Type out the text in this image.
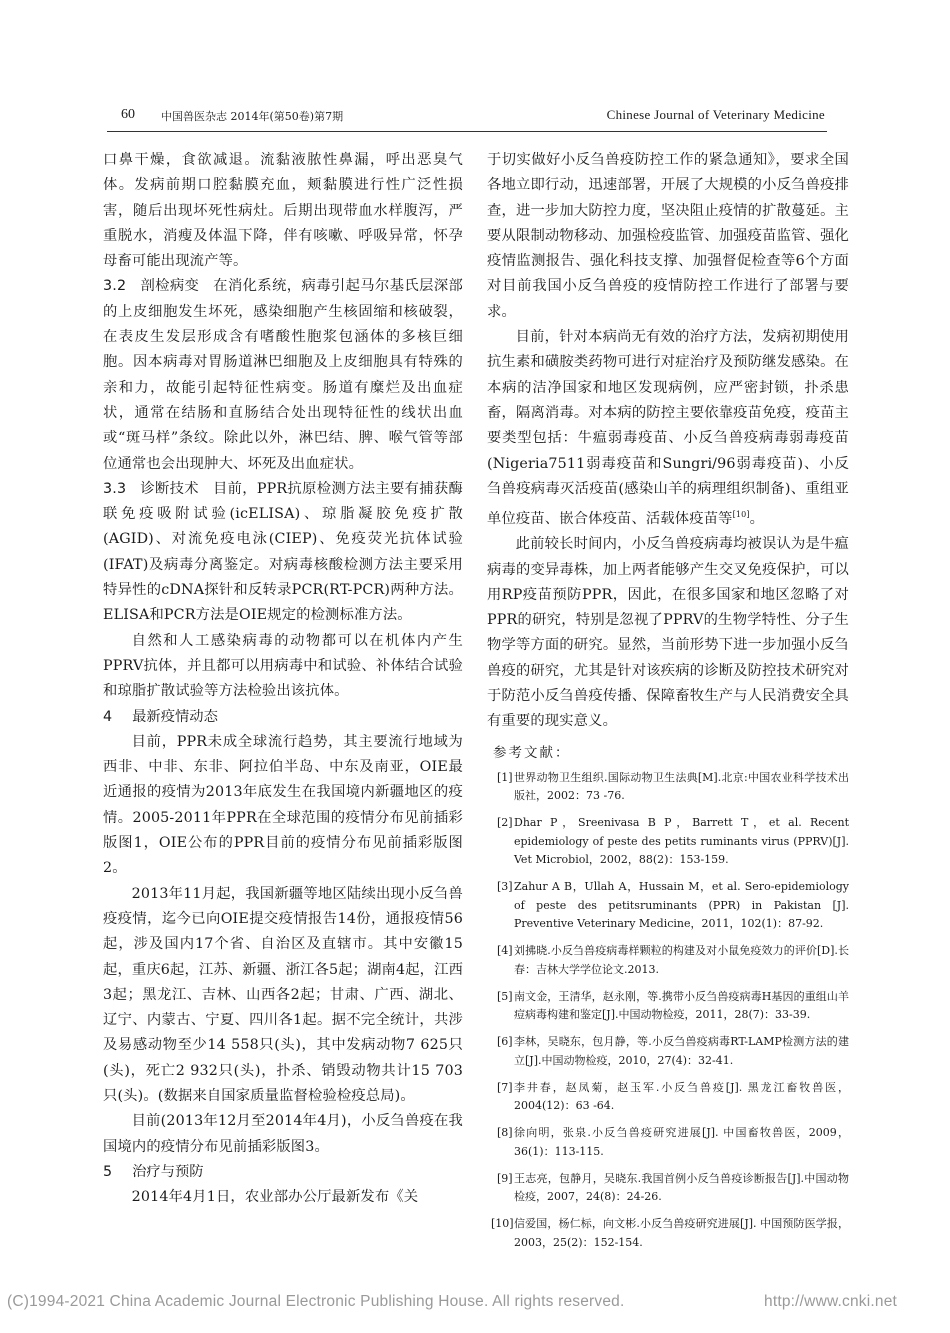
60 中国兽医杂志 2014年(第50卷)第7期	Chinese Journal of Veterinary Medicine

口鼻干燥，食欲减退。流黏液脓性鼻漏，呼出恶臭气体。发病前期口腔黏膜充血，颊黏膜进行性广泛性损害，随后出现坏死性病灶。后期出现带血水样腹泻，严重脱水，消瘦及体温下降，伴有咳嗽、呼吸异常，怀孕母畜可能出现流产等。

3.2 剖检病变 在消化系统，病毒引起马尔基氏层深部的上皮细胞发生坏死，感染细胞产生核固缩和核破裂，在表皮生发层形成含有嗜酸性胞浆包涵体的多核巨细胞。因本病毒对胃肠道淋巴细胞及上皮细胞具有特殊的亲和力，故能引起特征性病变。肠道有糜烂及出血症状，通常在结肠和直肠结合处出现特征性的线状出血或“斑马样”条纹。除此以外，淋巴结、脾、喉气管等部位通常也会出现肿大、坏死及出血症状。

3.3 诊断技术 目前，PPR抗原检测方法主要有捕获酶联免疫吸附试验(icELISA)、琼脂凝胶免疫扩散(AGID)、对流免疫电泳(CIEP)、免疫荧光抗体试验(IFAT)及病毒分离鉴定。对病毒核酸检测方法主要采用特异性的cDNA探针和反转录PCR(RT-PCR)两种方法。ELISA和PCR方法是OIE规定的检测标准方法。

自然和人工感染病毒的动物都可以在机体内产生PPRV抗体，并且都可以用病毒中和试验、补体结合试验和琼脂扩散试验等方法检验出该抗体。

4 最新疫情动态

目前，PPR未成全球流行趋势，其主要流行地域为西非、中非、东非、阿拉伯半岛、中东及南亚，OIE最近通报的疫情为2013年底发生在我国境内新疆地区的疫情。2005-2011年PPR在全球范围的疫情分布见前插彩版图1，OIE公布的PPR目前的疫情分布见前插彩版图2。

2013年11月起，我国新疆等地区陆续出现小反刍兽疫疫情，迄今已向OIE提交疫情报告14份，通报疫情56起，涉及国内17个省、自治区及直辖市。其中安徽15起，重庆6起，江苏、新疆、浙江各5起；湖南4起，江西3起；黑龙江、吉林、山西各2起；甘肃、广西、湖北、辽宁、内蒙古、宁夏、四川各1起。据不完全统计，共涉及易感动物至少14 558只(头)，其中发病动物7 625只(头)，死亡2 932只(头)，扑杀、销毁动物共计15 703只(头)。(数据来自国家质量监督检验检疫总局)。

目前(2013年12月至2014年4月)，小反刍兽疫在我国境内的疫情分布见前插彩版图3。

5 治疗与预防

2014年4月1日，农业部办公厅最新发布《关

于切实做好小反刍兽疫防控工作的紧急通知》，要求全国各地立即行动，迅速部署，开展了大规模的小反刍兽疫排查，进一步加大防控力度，坚决阻止疫情的扩散蔓延。主要从限制动物移动、加强检疫监管、加强疫苗监管、强化疫情监测报告、强化科技支撑、加强督促检查等6个方面对目前我国小反刍兽疫的疫情防控工作进行了部署与要求。

目前，针对本病尚无有效的治疗方法，发病初期使用抗生素和磺胺类药物可进行对症治疗及预防继发感染。在本病的洁净国家和地区发现病例，应严密封锁，扑杀患畜，隔离消毒。对本病的防控主要依靠疫苗免疫，疫苗主要类型包括：牛瘟弱毒疫苗、小反刍兽疫病毒弱毒疫苗(Nigeria7511弱毒疫苗和Sungri/96弱毒疫苗)、小反刍兽疫病毒灭活疫苗(感染山羊的病理组织制备)、重组亚单位疫苗、嵌合体疫苗、活载体疫苗等[10]。

此前较长时间内，小反刍兽疫病毒均被误认为是牛瘟病毒的变异毒株，加上两者能够产生交叉免疫保护，可以用RP疫苗预防PPR，因此，在很多国家和地区忽略了对PPR的研究，特别是忽视了PPRV的生物学特性、分子生物学等方面的研究。显然，当前形势下进一步加强小反刍兽疫的研究，尤其是针对该疾病的诊断及防控技术研究对于防范小反刍兽疫传播、保障畜牧生产与人民消费安全具有重要的现实意义。

参考文献：

[1] 世界动物卫生组织.国际动物卫生法典[M].北京:中国农业科学技术出版社，2002：73 -76.

[2] Dhar P，Sreenivasa B P，Barrett T，et al. Recent epidemiology of peste des petits ruminants virus (PPRV)[J]. Vet Microbiol，2002，88(2)：153-159.

[3] Zahur A B，Ullah A，Hussain M，et al. Sero-epidemiology of peste des petitsruminants (PPR) in Pakistan [J]. Preventive Veterinary Medicine，2011，102(1)：87-92.

[4] 刘拂晓.小反刍兽疫病毒样颗粒的构建及对小鼠免疫效力的评价[D].长春：吉林大学学位论文.2013.

[5] 南文金，王清华，赵永刚，等.携带小反刍兽疫病毒H基因的重组山羊痘病毒构建和鉴定[J].中国动物检疫，2011，28(7)：33-39.

[6] 李林，吴晓东，包月静，等.小反刍兽疫病毒RT-LAMP检测方法的建立[J].中国动物检疫，2010，27(4)：32-41.

[7] 李井春，赵凤菊，赵玉军.小反刍兽疫[J]. 黑龙江畜牧兽医，2004(12)：63 -64.

[8] 徐向明，张泉.小反刍兽疫研究进展[J]. 中国畜牧兽医，2009，36(1)：113-115.

[9] 王志亮，包静月，吴晓东.我国首例小反刍兽疫诊断报告[J].中国动物检疫，2007，24(8)：24-26.

[10] 信爱国，杨仁标，向文彬.小反刍兽疫研究进展[J]. 中国预防医学报，2003，25(2)：152-154.

(C)1994-2021 China Academic Journal Electronic Publishing House. All rights reserved.	http://www.cnki.net
